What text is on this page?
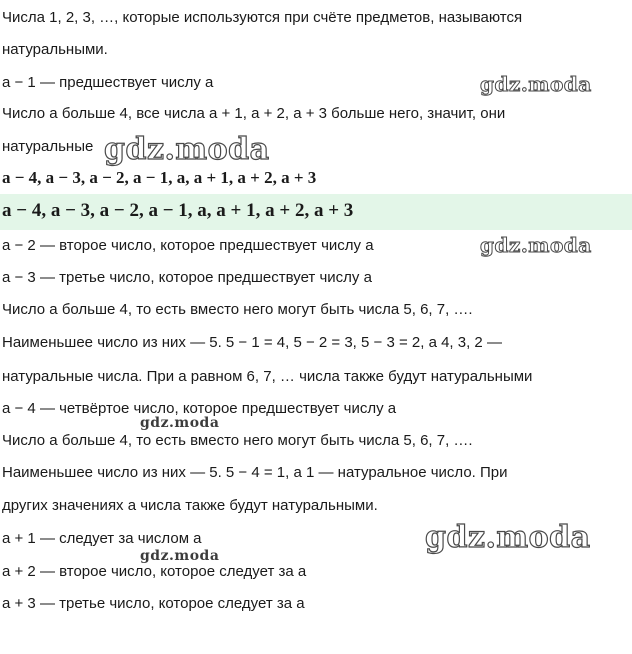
Числа 1, 2, 3, …, которые используются при счёте предметов, называются
натуральными.
a − 1 — предшествует числу a
Число a больше 4, все числа a + 1, a + 2, a + 3 больше него, значит, они
натуральные
a − 4, a − 3, a − 2, a − 1, a, a + 1, a + 2, a + 3
a − 4, a − 3, a − 2, a − 1, a, a + 1, a + 2, a + 3
a − 2 — второе число, которое предшествует числу a
a − 3 — третье число, которое предшествует числу a
Число a больше 4, то есть вместо него могут быть числа 5, 6, 7, ….
Наименьшее число из них — 5. 5 − 1 = 4, 5 − 2 = 3, 5 − 3 = 2, а 4, 3, 2 —
натуральные числа. При a равном 6, 7, … числа также будут натуральными
a − 4 — четвёртое число, которое предшествует числу a
Число a больше 4, то есть вместо него могут быть числа 5, 6, 7, ….
Наименьшее число из них — 5. 5 − 4 = 1, а 1 — натуральное число. При
других значениях a числа также будут натуральными.
a + 1 — следует за числом a
a + 2 — второе число, которое следует за a
a + 3 — третье число, которое следует за a
gdz.moda
gdz.moda
gdz.moda
gdz.moda
gdz.moda
gdz.moda
